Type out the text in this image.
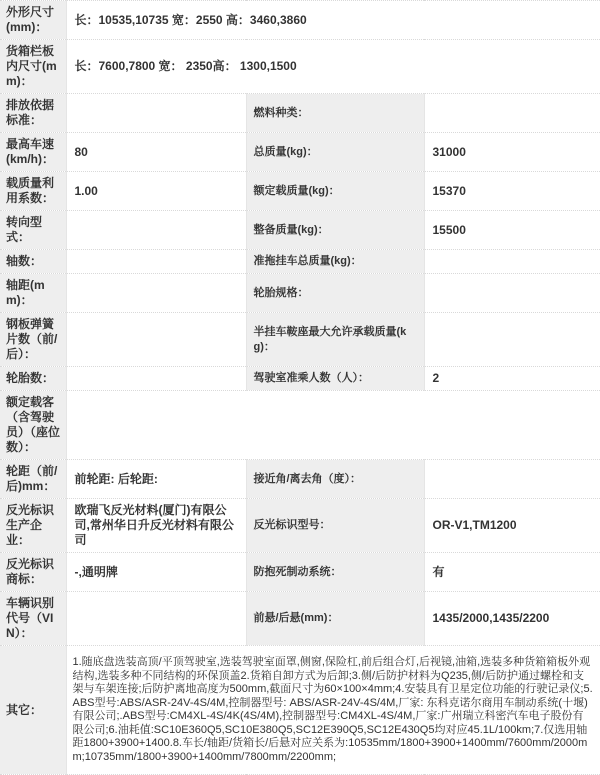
外形尺寸(mm)：	长：10535,10735 宽：2550 高：3460,3860		
货箱栏板内尺寸(mm)：	长：7600,7800 宽： 2350高： 1300,1500		
排放依据标准：		燃料种类：	
最高车速(km/h)：	80	总质量(kg)：	31000
载质量利用系数：	1.00	额定载质量(kg)：	15370
转向型式：		整备质量(kg)：	15500
轴数：		准拖挂车总质量(kg)：	
轴距(mm)：		轮胎规格：	
钢板弹簧片数（前/后）：		半挂车鞍座最大允许承载质量(kg)：	
轮胎数：		驾驶室准乘人数（人）：	2
额定载客（含驾驶员）（座位数）：			
轮距（前/后)mm：	前轮距: 后轮距:	接近角/离去角（度）：	
反光标识生产企业：	欧瑞飞反光材料(厦门)有限公司,常州华日升反光材料有限公司	反光标识型号：	OR-V1,TM1200
反光标识商标：	-,通明牌	防抱死制动系统：	有
车辆识别代号（VIN）：		前悬/后悬(mm)：	1435/2000,1435/2200
其它：	1.随底盘选装高顶/平顶驾驶室,选装驾驶室面罩,侧窗,保险杠,前后组合灯,后视镜,油箱,选装多种货箱箱板外观结构,选装多种不同结构的环保顶盖2.货箱自卸方式为后卸;3.侧/后防护材料为Q235,侧/后防护通过螺栓和支架与车架连接;后防护离地高度为500mm,截面尺寸为60×100×4mm;4.安装具有卫星定位功能的行驶记录仪;5.ABS型号:ABS/ASR-24V-4S/4M,控制器型号: ABS/ASR-24V-4S/4M,厂家: 东科克诺尔商用车制动系统(十堰)有限公司;.ABS型号:CM4XL-4S/4K(4S/4M),控制器型号:CM4XL-4S/4M,厂家:广州瑞立科密汽车电子股份有限公司;6.油耗值:SC10E360Q5,SC10E380Q5,SC12E390Q5,SC12E430Q5均对应45.1L/100km;7.仅选用轴距1800+3900+1400.8.车长/轴距/货箱长/后悬对应关系为:10535mm/1800+3900+1400mm/7600mm/2000mm;10735mm/1800+3900+1400mm/7800mm/2200mm;		
